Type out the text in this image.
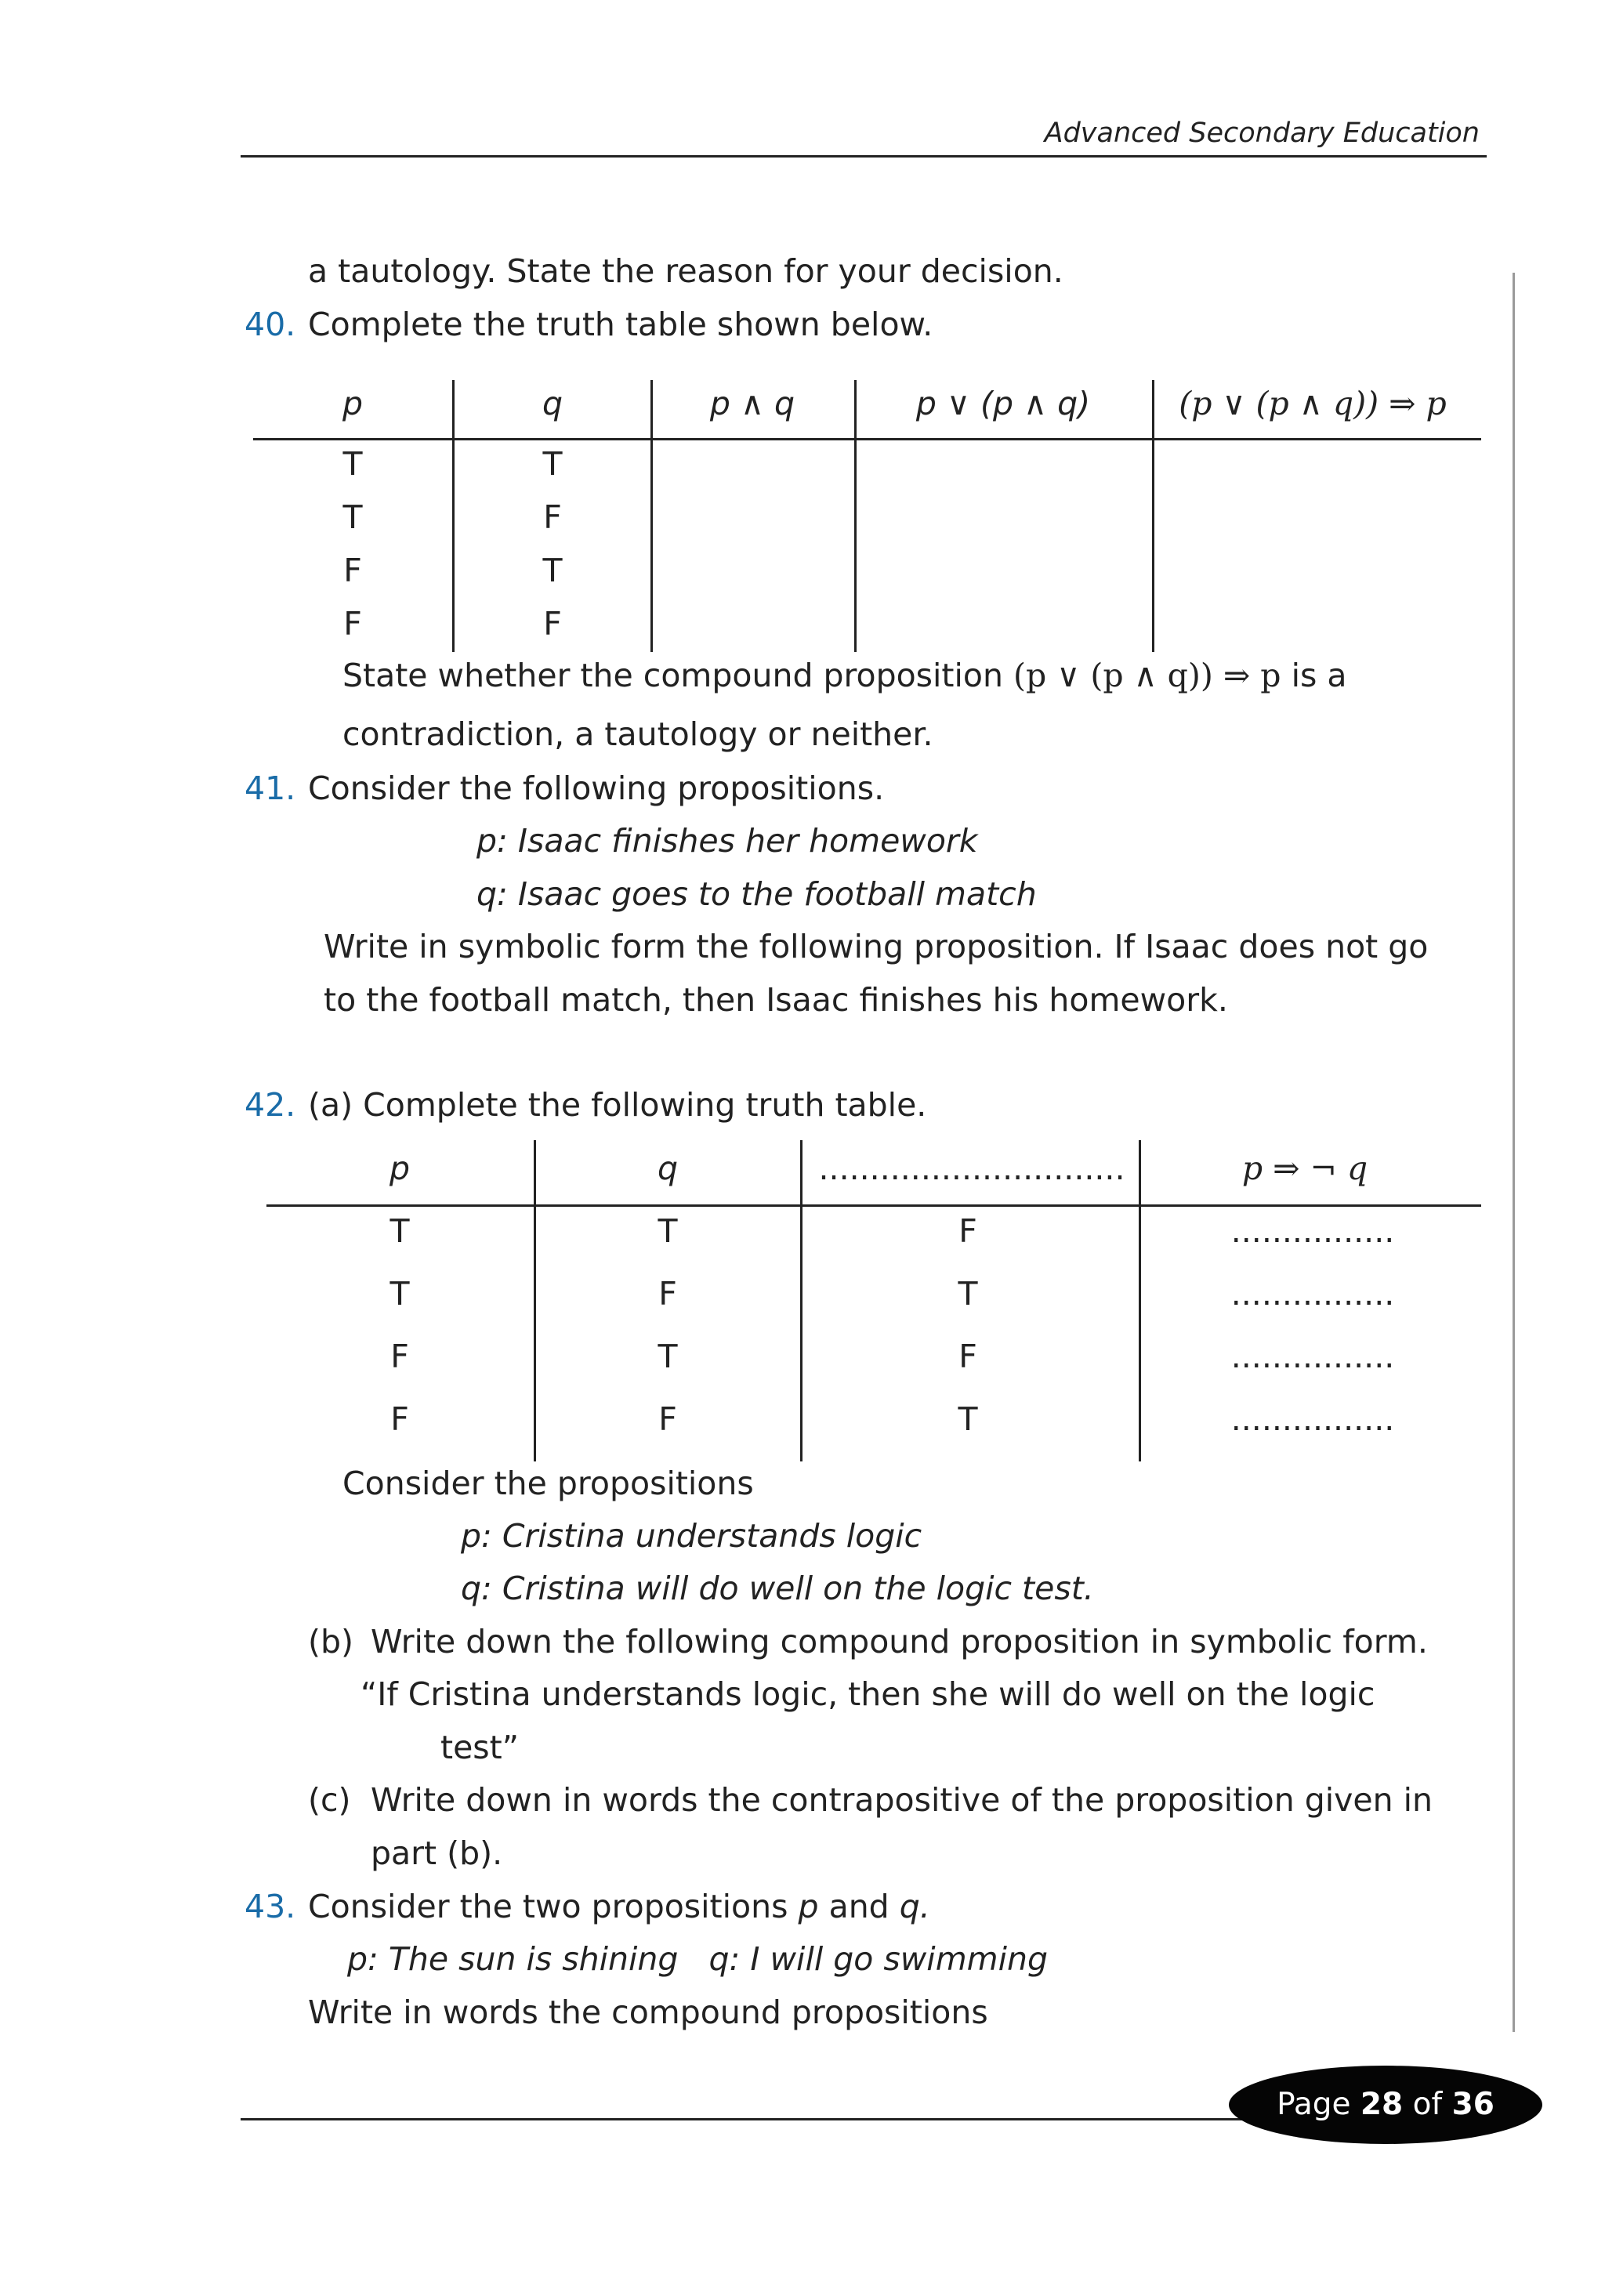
Advanced Secondary Education
a tautology. State the reason for your decision.
40. Complete the truth table shown below.
p	q	p ∧ q	p ∨ (p ∧ q)	(p ∨ (p ∧ q)) ⇒ p
T	T
T	F
F	T
F	F
State whether the compound proposition (p ∨ (p ∧ q)) ⇒ p is a
contradiction, a tautology or neither.
41. Consider the following propositions.
p: Isaac finishes her homework
q: Isaac goes to the football match
Write in symbolic form the following proposition. If Isaac does not go
to the football match, then Isaac finishes his homework.
42. (a) Complete the following truth table.
p	q	..............................	p ⇒ ¬ q
T	T	F	................
T	F	T	................
F	T	F	................
F	F	T	................
Consider the propositions
p: Cristina understands logic
q: Cristina will do well on the logic test.
(b) Write down the following compound proposition in symbolic form.
“If Cristina understands logic, then she will do well on the logic
test”
(c) Write down in words the contrapositive of the proposition given in
part (b).
43. Consider the two propositions p and q.
p: The sun is shining   q: I will go swimming
Write in words the compound propositions
Page 28 of 36
